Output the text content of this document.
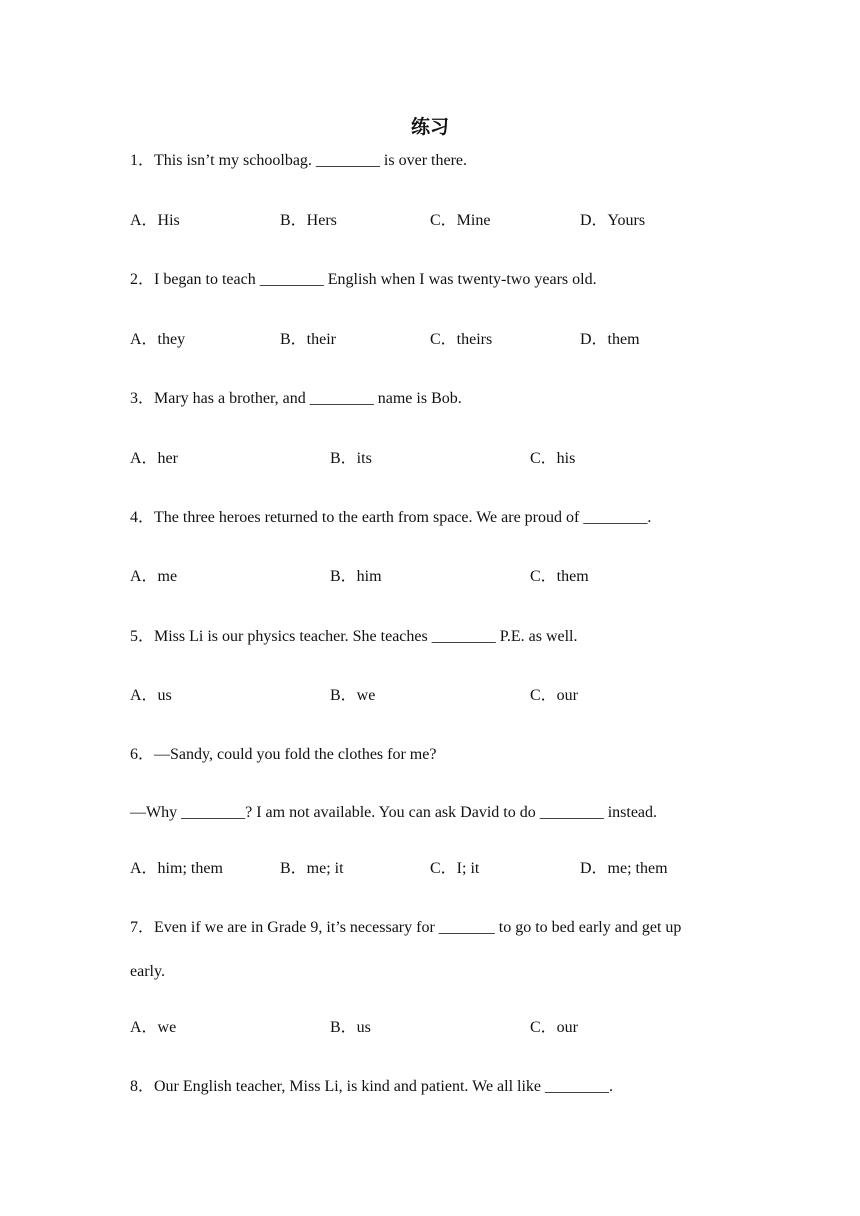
练习
1．This isn’t my schoolbag. ________ is over there.
A．His	B．Hers	C．Mine	D．Yours
2．I began to teach ________ English when I was twenty-two years old.
A．they	B．their	C．theirs	D．them
3．Mary has a brother, and ________ name is Bob.
A．her	B．its	C．his
4．The three heroes returned to the earth from space. We are proud of ________.
A．me	B．him	C．them
5．Miss Li is our physics teacher. She teaches ________ P.E. as well.
A．us	B．we	C．our
6．—Sandy, could you fold the clothes for me?
—Why ________? I am not available. You can ask David to do ________ instead.
A．him; them	B．me; it	C．I; it	D．me; them
7．Even if we are in Grade 9, it’s necessary for _______ to go to bed early and get up
early.
A．we	B．us	C．our
8．Our English teacher, Miss Li, is kind and patient. We all like ________.
